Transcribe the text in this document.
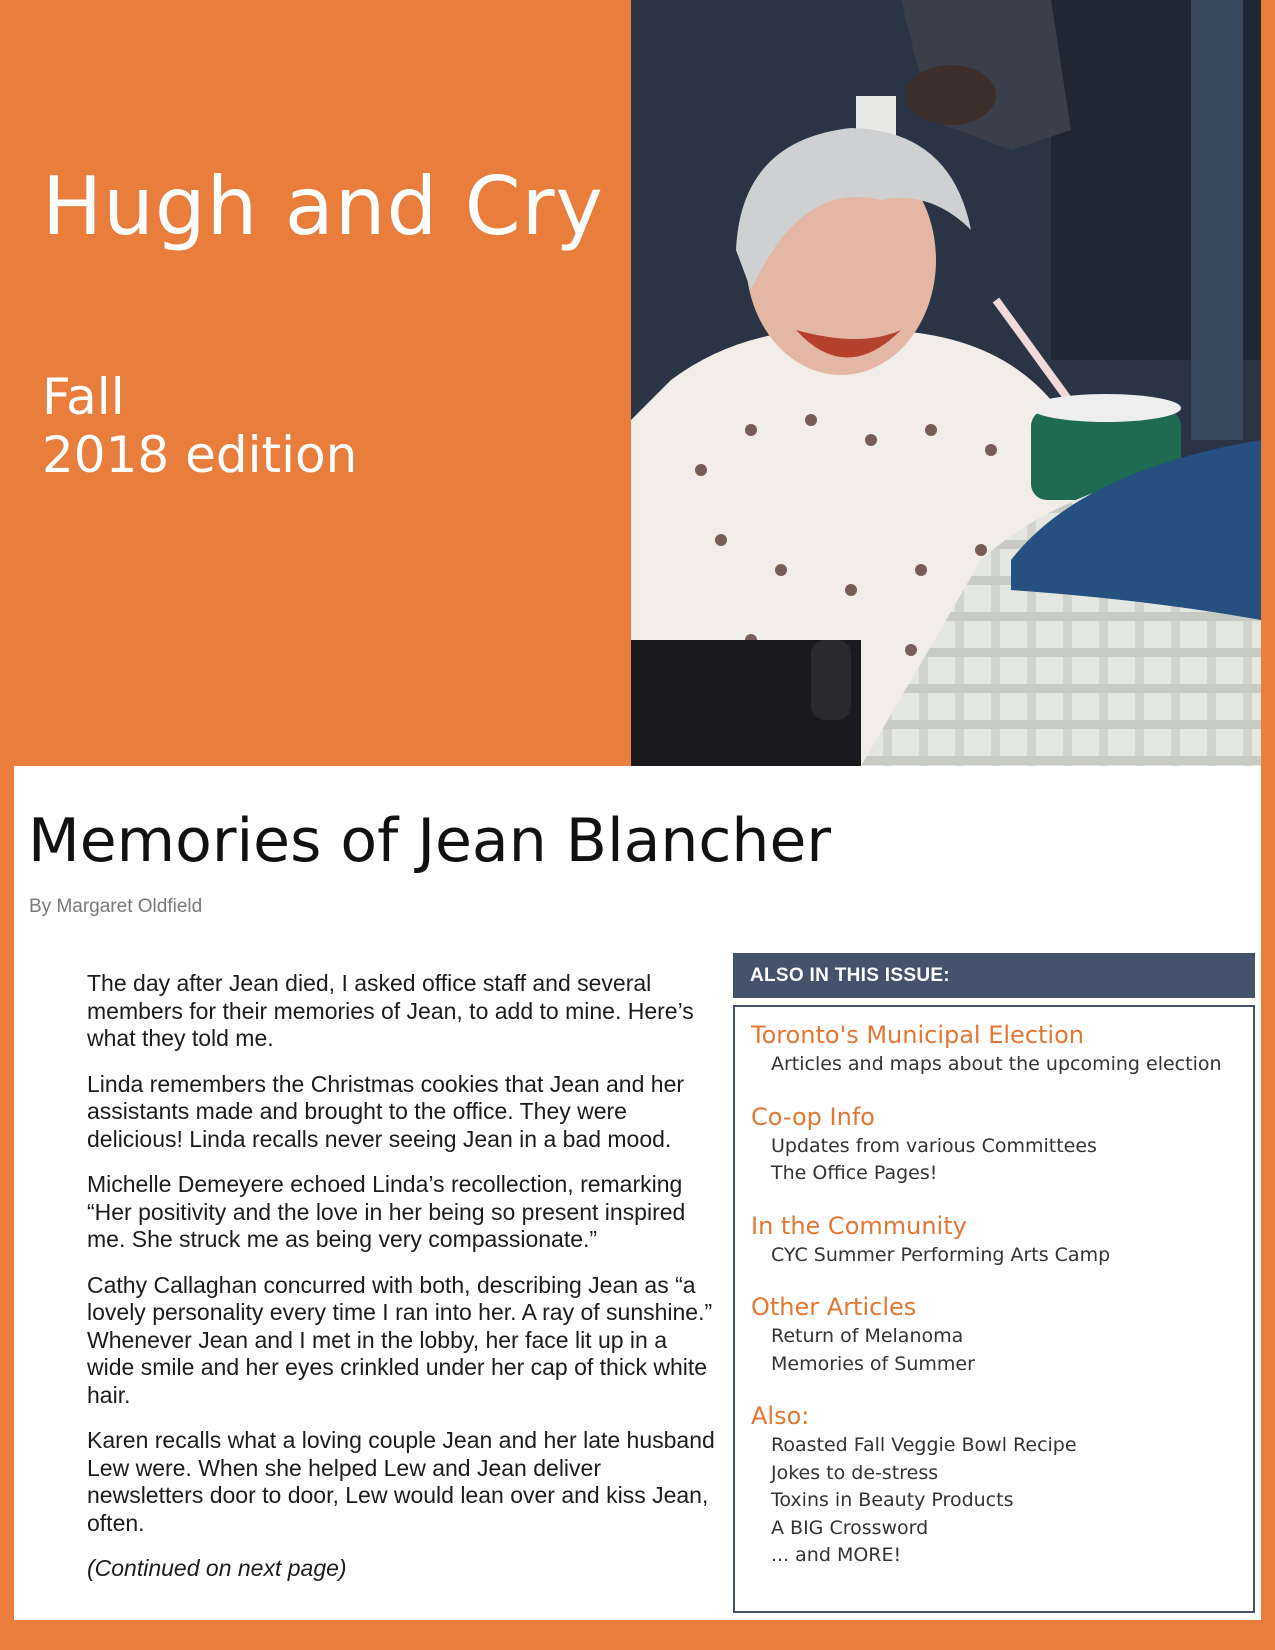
Hugh and Cry
Fall
2018 edition
Memories of Jean Blancher
By Margaret Oldfield

The day after Jean died, I asked office staff and several members for their memories of Jean, to add to mine. Here’s what they told me.

Linda remembers the Christmas cookies that Jean and her assistants made and brought to the office. They were delicious! Linda recalls never seeing Jean in a bad mood.

Michelle Demeyere echoed Linda’s recollection, remarking “Her positivity and the love in her being so present inspired me. She struck me as being very compassionate.”

Cathy Callaghan concurred with both, describing Jean as “a lovely personality every time I ran into her. A ray of sunshine.” Whenever Jean and I met in the lobby, her face lit up in a wide smile and her eyes crinkled under her cap of thick white hair.

Karen recalls what a loving couple Jean and her late husband Lew were. When she helped Lew and Jean deliver newsletters door to door, Lew would lean over and kiss Jean, often.

(Continued on next page)

ALSO IN THIS ISSUE:
Toronto's Municipal Election
Articles and maps about the upcoming election
Co-op Info
Updates from various Committees
The Office Pages!
In the Community
CYC Summer Performing Arts Camp
Other Articles
Return of Melanoma
Memories of Summer
Also:
Roasted Fall Veggie Bowl Recipe
Jokes to de-stress
Toxins in Beauty Products
A BIG Crossword
... and MORE!
